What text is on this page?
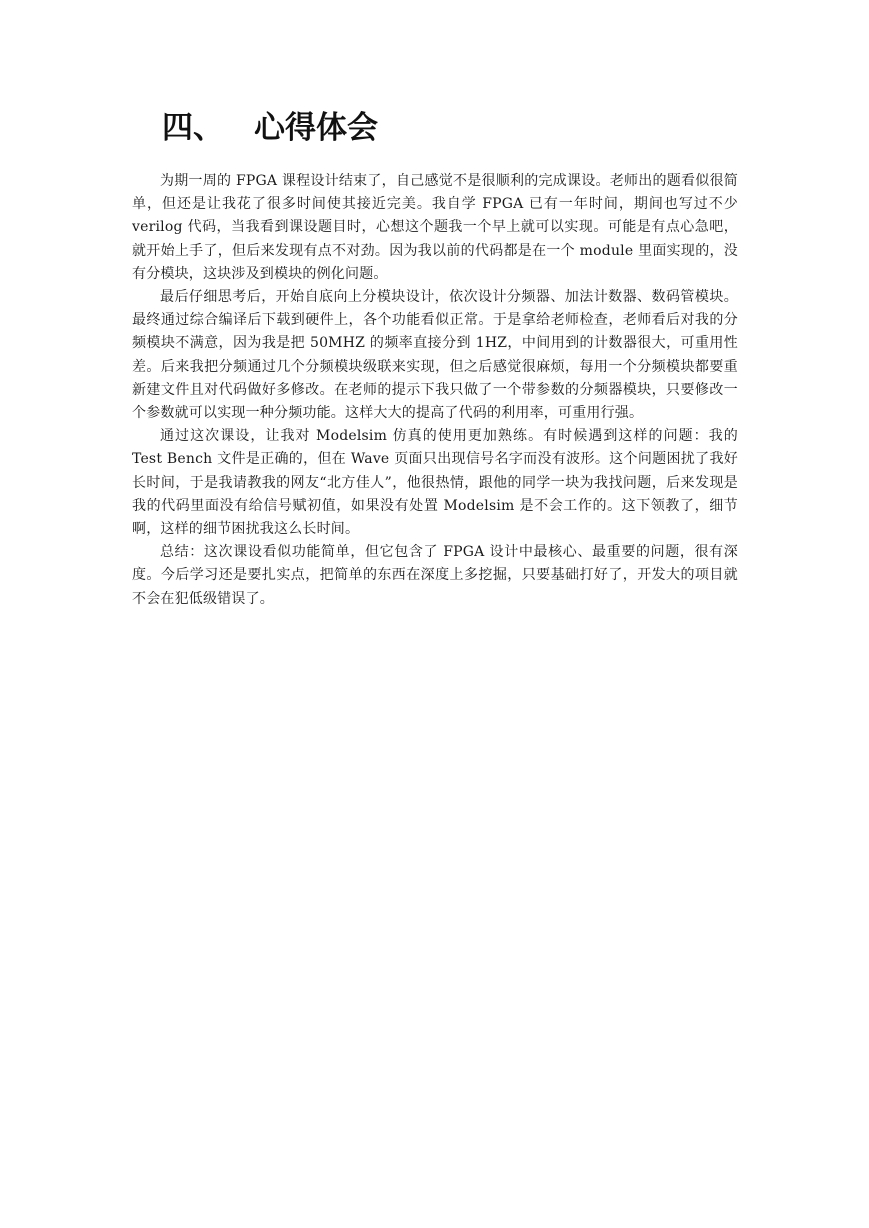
四、 心得体会

为期一周的 FPGA 课程设计结束了，自己感觉不是很顺利的完成课设。老师出的题看似很简单，但还是让我花了很多时间使其接近完美。我自学 FPGA 已有一年时间，期间也写过不少 verilog 代码，当我看到课设题目时，心想这个题我一个早上就可以实现。可能是有点心急吧，就开始上手了，但后来发现有点不对劲。因为我以前的代码都是在一个 module 里面实现的，没有分模块，这块涉及到模块的例化问题。

最后仔细思考后，开始自底向上分模块设计，依次设计分频器、加法计数器、数码管模块。最终通过综合编译后下载到硬件上，各个功能看似正常。于是拿给老师检查，老师看后对我的分频模块不满意，因为我是把 50MHZ 的频率直接分到 1HZ，中间用到的计数器很大，可重用性差。后来我把分频通过几个分频模块级联来实现，但之后感觉很麻烦，每用一个分频模块都要重新建文件且对代码做好多修改。在老师的提示下我只做了一个带参数的分频器模块，只要修改一个参数就可以实现一种分频功能。这样大大的提高了代码的利用率，可重用行强。

通过这次课设，让我对 Modelsim 仿真的使用更加熟练。有时候遇到这样的问题：我的 Test Bench 文件是正确的，但在 Wave 页面只出现信号名字而没有波形。这个问题困扰了我好长时间，于是我请教我的网友“北方佳人”，他很热情，跟他的同学一块为我找问题，后来发现是我的代码里面没有给信号赋初值，如果没有处置 Modelsim 是不会工作的。这下领教了，细节啊，这样的细节困扰我这么长时间。

总结：这次课设看似功能简单，但它包含了 FPGA 设计中最核心、最重要的问题，很有深度。今后学习还是要扎实点，把简单的东西在深度上多挖掘，只要基础打好了，开发大的项目就不会在犯低级错误了。
